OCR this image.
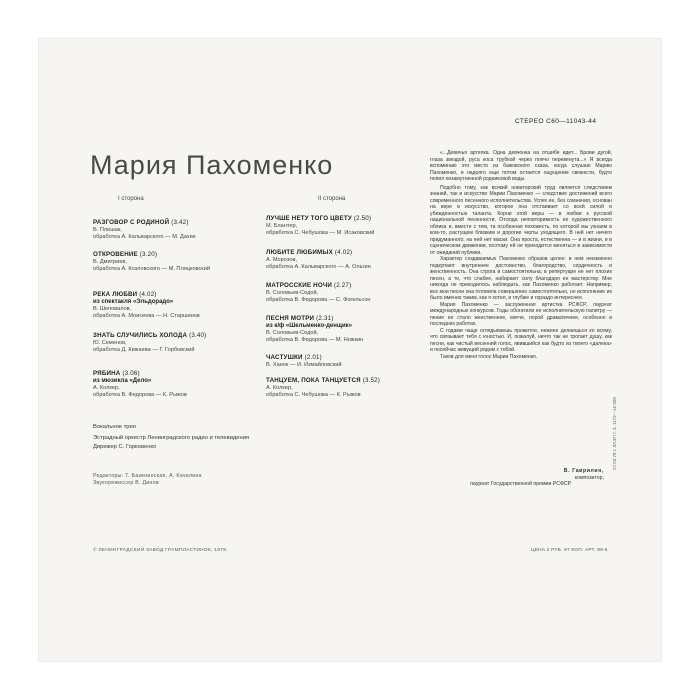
СТЕРЕО С60—11043-44
Мария Пахоменко
I сторона	II сторона
РАЗГОВОР С РОДИНОЙ (3.42)
В. Плешак,
обработка А. Кальварского — М. Дахие
ОТКРОВЕНИЕ (3.20)
В. Дмитриев,
обработка А. Козловского — М. Пляцковский
РЕКА ЛЮБВИ (4.02)
из спектакля «Эльдорадо»
В. Шеповалов,
обработка А. Моисеева — Н. Старшинов
ЗНАТЬ СЛУЧИЛИСЬ ХОЛОДА (3.40)
Ю. Семенов,
обработка Д. Кижаева — Г. Горбовский
РЯБИНА (3.06)
из мюзикла «Дело»
А. Колкер,
обработка В. Федорова — К. Рыжов
ЛУЧШЕ НЕТУ ТОГО ЦВЕТУ (2.50)
М. Блантер,
обработка С. Чебушова — М. Исаковский
ЛЮБИТЕ ЛЮБИМЫХ (4.02)
А. Морозов,
обработка А. Кальварского — А. Ольгин
МАТРОССКИЕ НОЧИ (2.27)
В. Соловьев-Седой,
обработка В. Федорова — С. Фогельсон
ПЕСНЯ МОТРИ (2.31)
из к/ф «Шельменко-денщик»
В. Соловьев-Седой,
обработка В. Федорова — М. Ножкин
ЧАСТУШКИ (2.01)
В. Ханок — И. Измайловский
ТАНЦУЕМ, ПОКА ТАНЦУЕТСЯ (3.52)
А. Колкер,
обработка С. Чебушова — К. Рыжов
Вокальное трио
Эстрадный оркестр Ленинградского радио и телевидения
Дирижер С. Горковенко
Редакторы: Т. Базенинская, А. Качалина
Звукорежиссер В. Динов
© ЛЕНИНГРАДСКИЙ ЗАВОД ГРАМПЛАСТИНОК, 1978.	ЦЕНА 2 РУБ. 97 КОП. АРТ. 89-5
27.03.78 г. ЛАЭП т. 3. 1172—15 000

«...Девичья артелка. Одна девчонка на отшибе идет... Брови дугой, глаза звездой, руса коса трубкой через плечо перевенута...» Я всегда вспоминаю это место из бажовского сказа, когда слушаю Марию Пахоменко, и надолго еще потом остается ощущение свежести, будто попил незамутненной родниковой воды.

Подобно тому, как всякий новаторский труд является следствием знаний, так и искусство Марии Пахоменко — следствие достижений всего современного песенного исполнительства. Успех ее, без сомнения, основан на вере в искусство, которое она отстаивает со всей силой и убежденностью таланта. Корни этой веры — в любви к русской национальной песенности. Отсюда неповторимость ее художественного облика и, вместе с тем, та особенная похожесть, по которой мы узнаем в ком-то, растущем близким и дорогие черты уходящего. В ней нет ничего придуманного, на ней нет маски. Она проста, естественна — и в жизни, и в сценическом движении, поэтому ей не приходится меняться в зависимости от ожиданий публики.

Характер создаваемых Пахоменко образов целен: в нем неизменно подкупают внутреннее достоинство, благородство, сердечность и женственность. Она строга и самостоятельна; в репертуаре ее нет плохих песен, а те, что слабее, набирают силу благодаря ее мастерству. Мне никогда не приходилось наблюдать, как Пахоменко работает. Например, все мои песни она готовила совершенно самостоятельно, но исполнение их было именно таким, как я хотел, и глубже и гораздо интереснее.

Мария Пахоменко — заслуженная артистка РСФСР, лауреат международных конкурсов. Годы обогатили ее исполнительскую палитру — пение ее стало женственнее, мягче, порой драматичнее, особенно в последних работах.

С годами чаще оглядываешь прожитое, нежнее делаешься ко всему, что связывает тебя с юностью. И, пожалуй, ничто так не трогает душу, как песни, как чистый весенний голос, явившийся как будто из твоего «далека» и посейчас живущий рядом с тобой.

Таков для меня голос Марии Пахоменко.

В. Гаврилин,
композитор,
лауреат Государственной премии РСФСР
